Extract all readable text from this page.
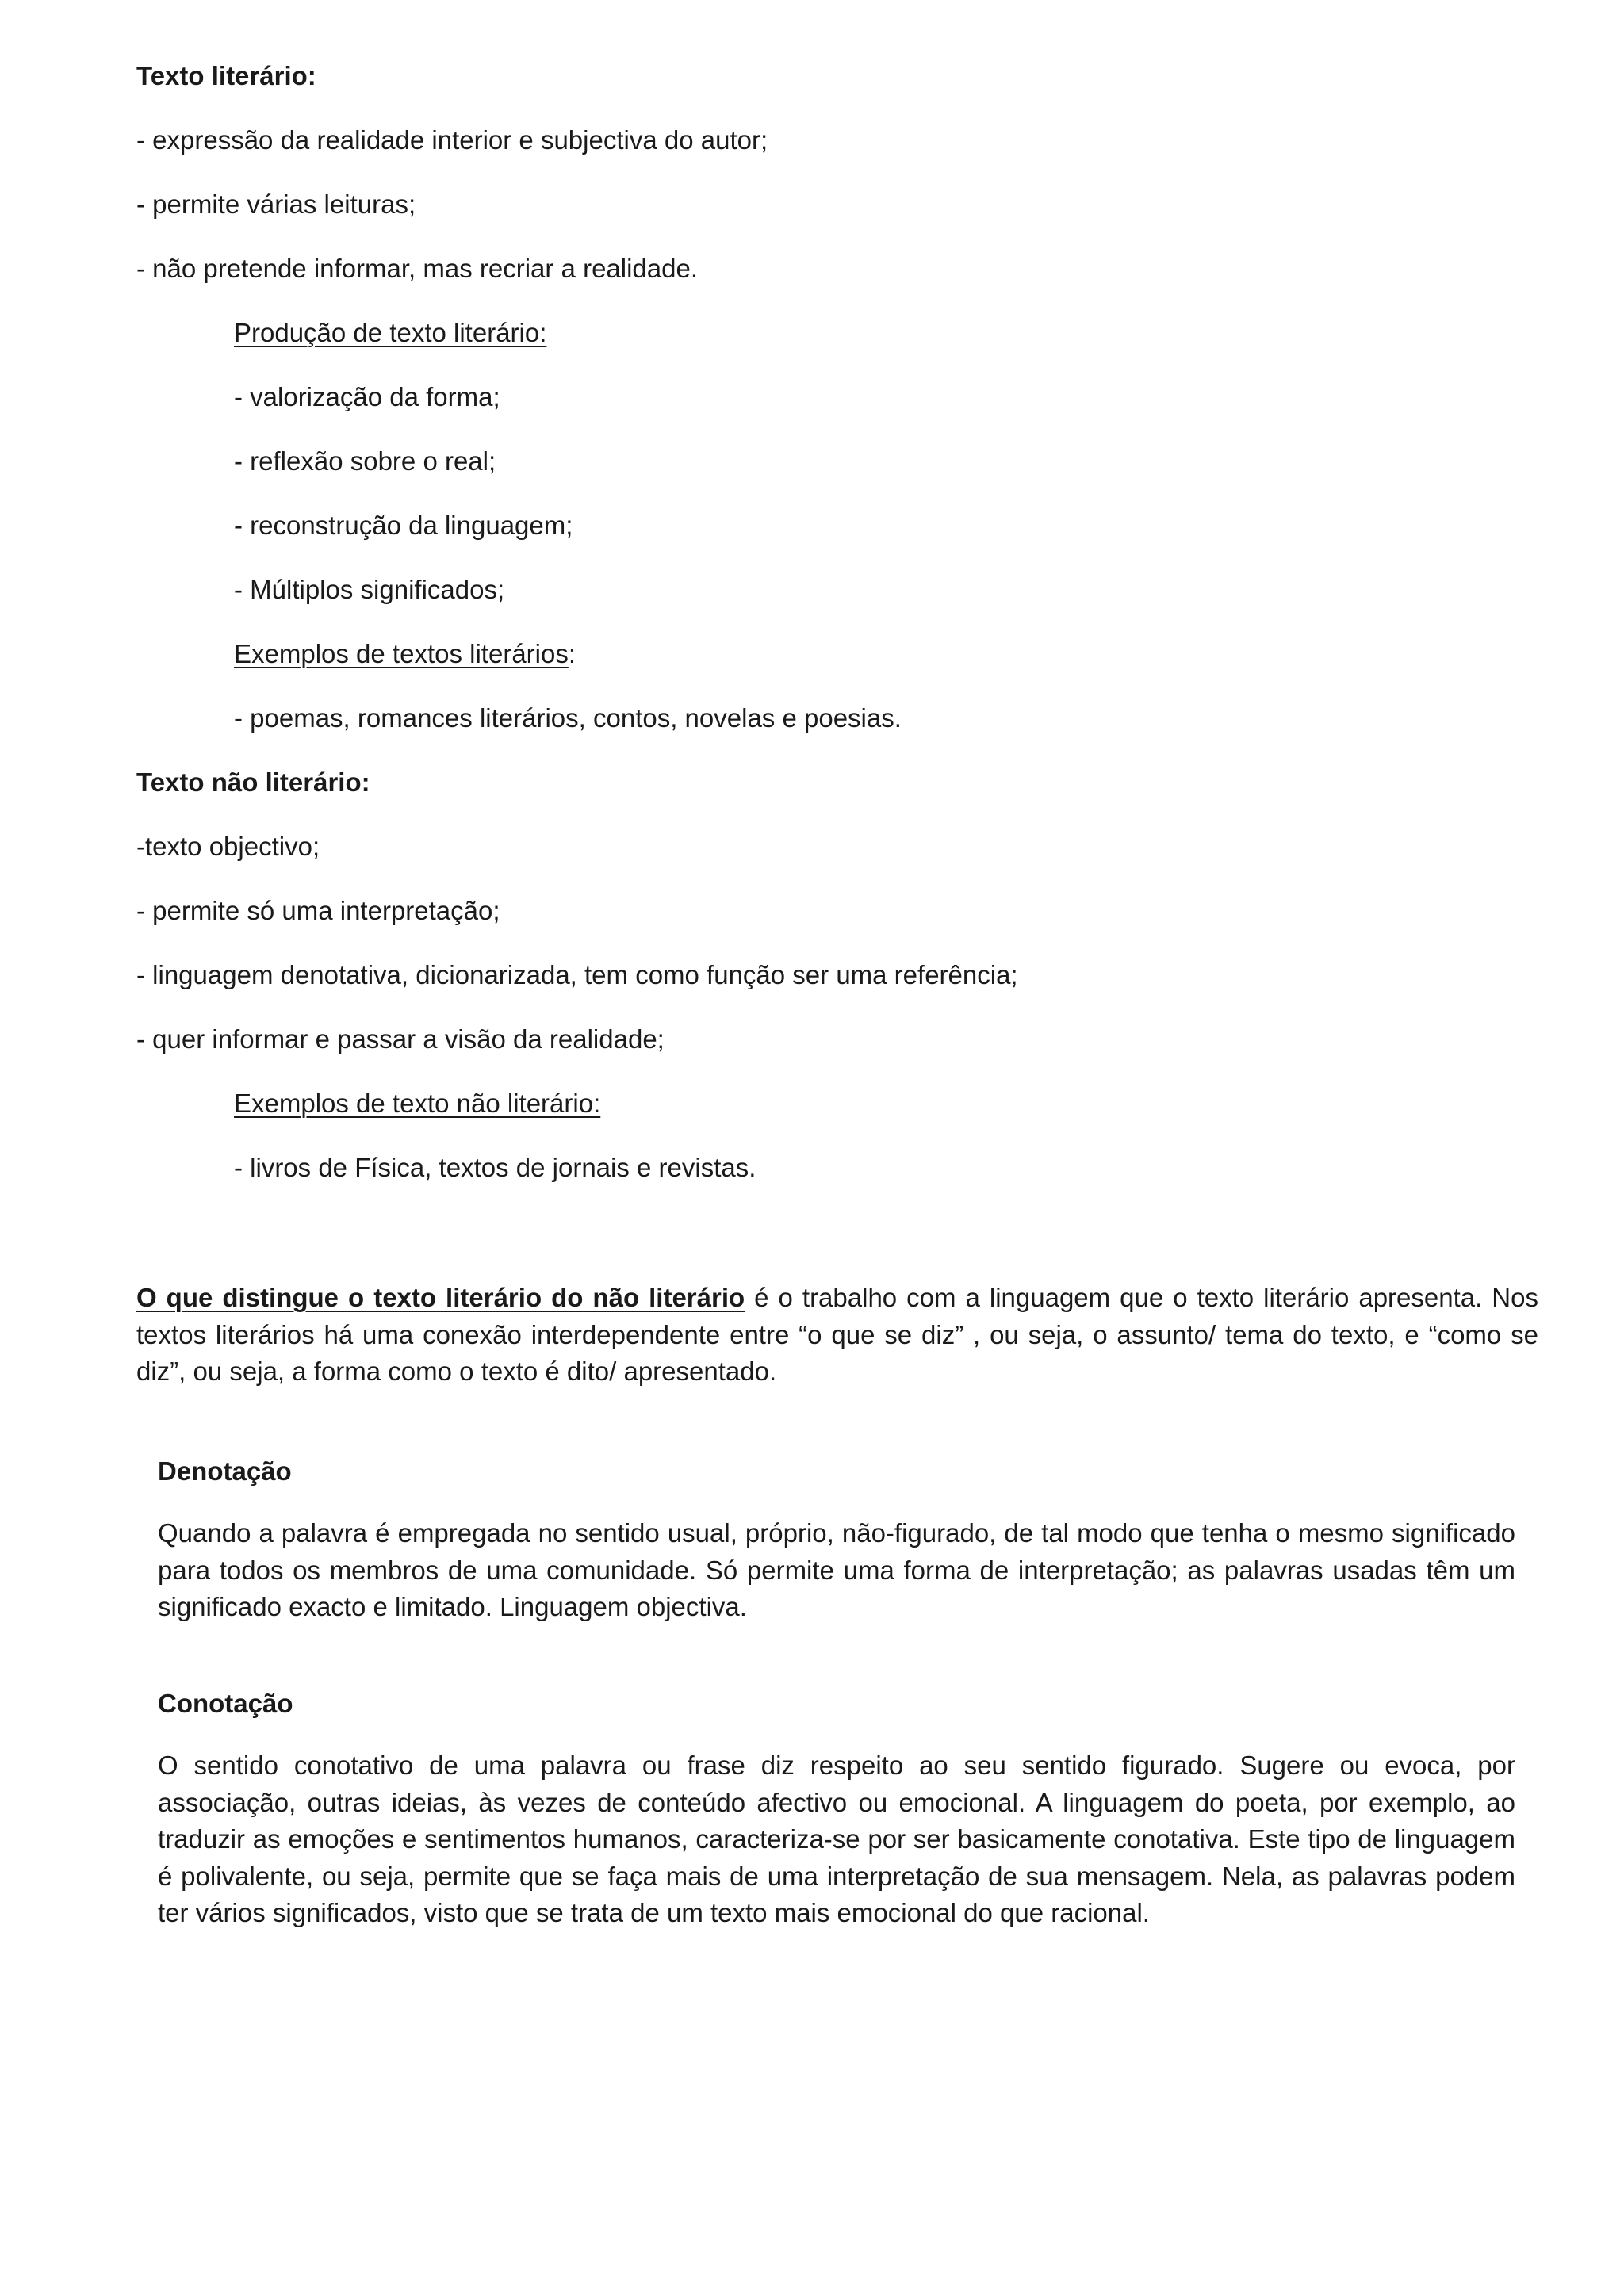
Texto literário:
- expressão da realidade interior e subjectiva do autor;
- permite várias leituras;
- não pretende informar, mas recriar a realidade.
Produção de texto literário:
- valorização da forma;
- reflexão sobre o real;
- reconstrução da linguagem;
- Múltiplos significados;
Exemplos de textos literários:
- poemas, romances literários, contos, novelas e poesias.
Texto não literário:
-texto objectivo;
- permite só uma interpretação;
- linguagem denotativa, dicionarizada, tem como função ser uma referência;
- quer informar e passar a visão da realidade;
Exemplos de texto não literário:
- livros de Física, textos de jornais e revistas.
O que distingue o texto literário do não literário é o trabalho com a linguagem que o texto literário apresenta. Nos textos literários há uma conexão interdependente entre “o que se diz” , ou seja, o assunto/ tema do texto, e “como se diz”, ou seja, a forma como o texto é dito/ apresentado.
Denotação
Quando a palavra é empregada no sentido usual, próprio, não-figurado, de tal modo que tenha o mesmo significado para todos os membros de uma comunidade. Só permite uma forma de interpretação; as palavras usadas têm um significado exacto e limitado. Linguagem objectiva.
Conotação
O sentido conotativo de uma palavra ou frase diz respeito ao seu sentido figurado. Sugere ou evoca, por associação, outras ideias, às vezes de conteúdo afectivo ou emocional. A linguagem do poeta, por exemplo, ao traduzir as emoções e sentimentos humanos, caracteriza-se por ser basicamente conotativa. Este tipo de linguagem é polivalente, ou seja, permite que se faça mais de uma interpretação de sua mensagem. Nela, as palavras podem ter vários significados, visto que se trata de um texto mais emocional do que racional.
